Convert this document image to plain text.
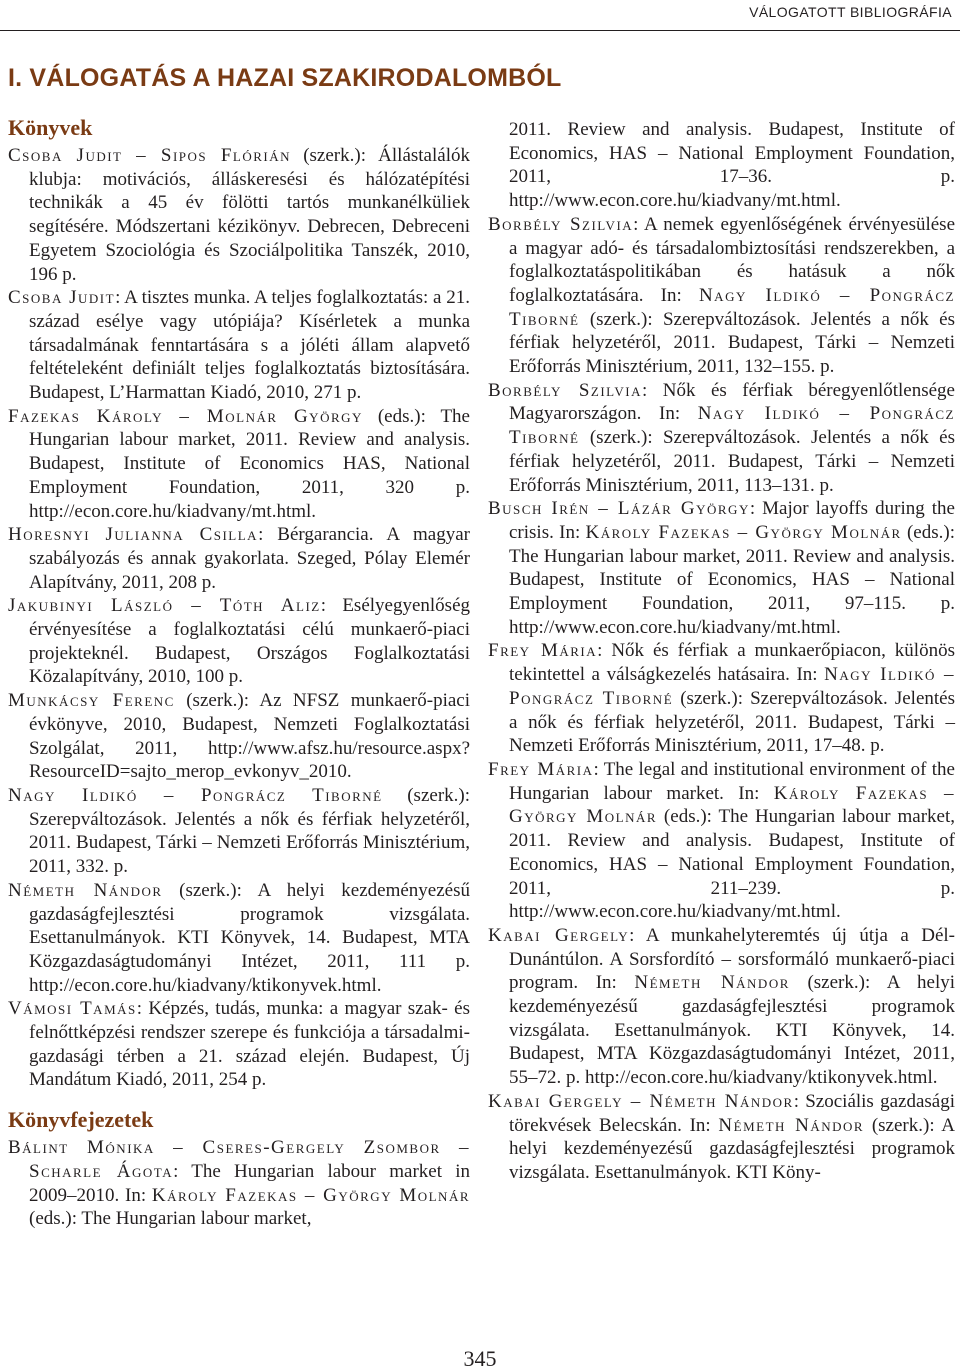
VÁLOGATOTT BIBLIOGRÁFIA
I. VÁLOGATÁS A HAZAI SZAKIRODALOMBÓL
Könyvek

Csoba Judit – Sipos Flórián (szerk.): Állástalálók klubja: motivációs, álláskeresési és hálózatépítési technikák a 45 év fölötti tartós munkanélküliek segítésére. Módszertani kézikönyv. Debrecen, Debreceni Egyetem Szociológia és Szociálpolitika Tanszék, 2010, 196 p.

Csoba Judit: A tisztes munka. A teljes foglalkoztatás: a 21. század esélye vagy utópiája? Kísérletek a munka társadalmának fenntartására s a jóléti állam alapvető feltételeként definiált teljes foglalkoztatás biztosítására. Budapest, L’Harmattan Kiadó, 2010, 271 p.

Fazekas Károly – Molnár György (eds.): The Hungarian labour market, 2011. Review and analysis. Budapest, Institute of Economics HAS, National Employment Foundation, 2011, 320 p. http://econ.core.hu/kiadvany/mt.html.

Horesnyi Julianna Csilla: Bérgarancia. A magyar szabályozás és annak gyakorlata. Szeged, Pólay Elemér Alapítvány, 2011, 208 p.

Jakubinyi László – Tóth Aliz: Esélyegyenlőség érvényesítése a foglalkoztatási célú munkaerő-piaci projekteknél. Budapest, Országos Foglalkoztatási Közalapítvány, 2010, 100 p.

Munkácsy Ferenc (szerk.): Az NFSZ munkaerő-piaci évkönyve, 2010, Budapest, Nemzeti Foglalkoztatási Szolgálat, 2011, http://www.afsz.hu/resource.aspx?ResourceID=sajto_merop_evkonyv_2010.

Nagy Ildikó – Pongrácz Tiborné (szerk.): Szerepváltozások. Jelentés a nők és férfiak helyzetéről, 2011. Budapest, Tárki – Nemzeti Erőforrás Minisztérium, 2011, 332. p.

Németh Nándor (szerk.): A helyi kezdeményezésű gazdaságfejlesztési programok vizsgálata. Esettanulmányok. KTI Könyvek, 14. Budapest, MTA Közgazdaságtudományi Intézet, 2011, 111 p. http://econ.core.hu/kiadvany/ktikonyvek.html.

Vámosi Tamás: Képzés, tudás, munka: a magyar szak- és felnőttképzési rendszer szerepe és funkciója a társadalmi-gazdasági térben a 21. század elején. Budapest, Új Mandátum Kiadó, 2011, 254 p.

Könyvfejezetek

Bálint Mónika – Cseres-Gergely Zsombor – Scharle Ágota: The Hungarian labour market in 2009–2010. In: Károly Fazekas – György Molnár (eds.): The Hungarian labour market,

2011. Review and analysis. Budapest, Institute of Economics, HAS – National Employment Foundation, 2011, 17–36. p. http://www.econ.core.hu/kiadvany/mt.html.

Borbély Szilvia: A nemek egyenlőségének érvényesülése a magyar adó- és társadalombiztosítási rendszerekben, a foglalkoztatáspolitikában és hatásuk a nők foglalkoztatására. In: Nagy Ildikó – Pongrácz Tiborné (szerk.): Szerepváltozások. Jelentés a nők és férfiak helyzetéről, 2011. Budapest, Tárki – Nemzeti Erőforrás Minisztérium, 2011, 132–155. p.

Borbély Szilvia: Nők és férfiak béregyenlőtlensége Magyarországon. In: Nagy Ildikó – Pongrácz Tiborné (szerk.): Szerepváltozások. Jelentés a nők és férfiak helyzetéről, 2011. Budapest, Tárki – Nemzeti Erőforrás Minisztérium, 2011, 113–131. p.

Busch Irén – Lázár György: Major layoffs during the crisis. In: Károly Fazekas – György Molnár (eds.): The Hungarian labour market, 2011. Review and analysis. Budapest, Institute of Economics, HAS – National Employment Foundation, 2011, 97–115. p. http://www.econ.core.hu/kiadvany/mt.html.

Frey Mária: Nők és férfiak a munkaerőpiacon, különös tekintettel a válságkezelés hatásaira. In: Nagy Ildikó – Pongrácz Tiborné (szerk.): Szerepváltozások. Jelentés a nők és férfiak helyzetéről, 2011. Budapest, Tárki – Nemzeti Erőforrás Minisztérium, 2011, 17–48. p.

Frey Mária: The legal and institutional environment of the Hungarian labour market. In: Károly Fazekas – György Molnár (eds.): The Hungarian labour market, 2011. Review and analysis. Budapest, Institute of Economics, HAS – National Employment Foundation, 2011, 211–239. p. http://www.econ.core.hu/kiadvany/mt.html.

Kabai Gergely: A munkahelyteremtés új útja a Dél-Dunántúlon. A Sorsfordító – sorsformáló munkaerő-piaci program. In: Németh Nándor (szerk.): A helyi kezdeményezésű gazdaságfejlesztési programok vizsgálata. Esettanulmányok. KTI Könyvek, 14. Budapest, MTA Közgazdaságtudományi Intézet, 2011, 55–72. p. http://econ.core.hu/kiadvany/ktikonyvek.html.

Kabai Gergely – Németh Nándor: Szociális gazdasági törekvések Belecskán. In: Németh Nándor (szerk.): A helyi kezdeményezésű gazdaságfejlesztési programok vizsgálata. Esettanulmányok. KTI Köny-

345
